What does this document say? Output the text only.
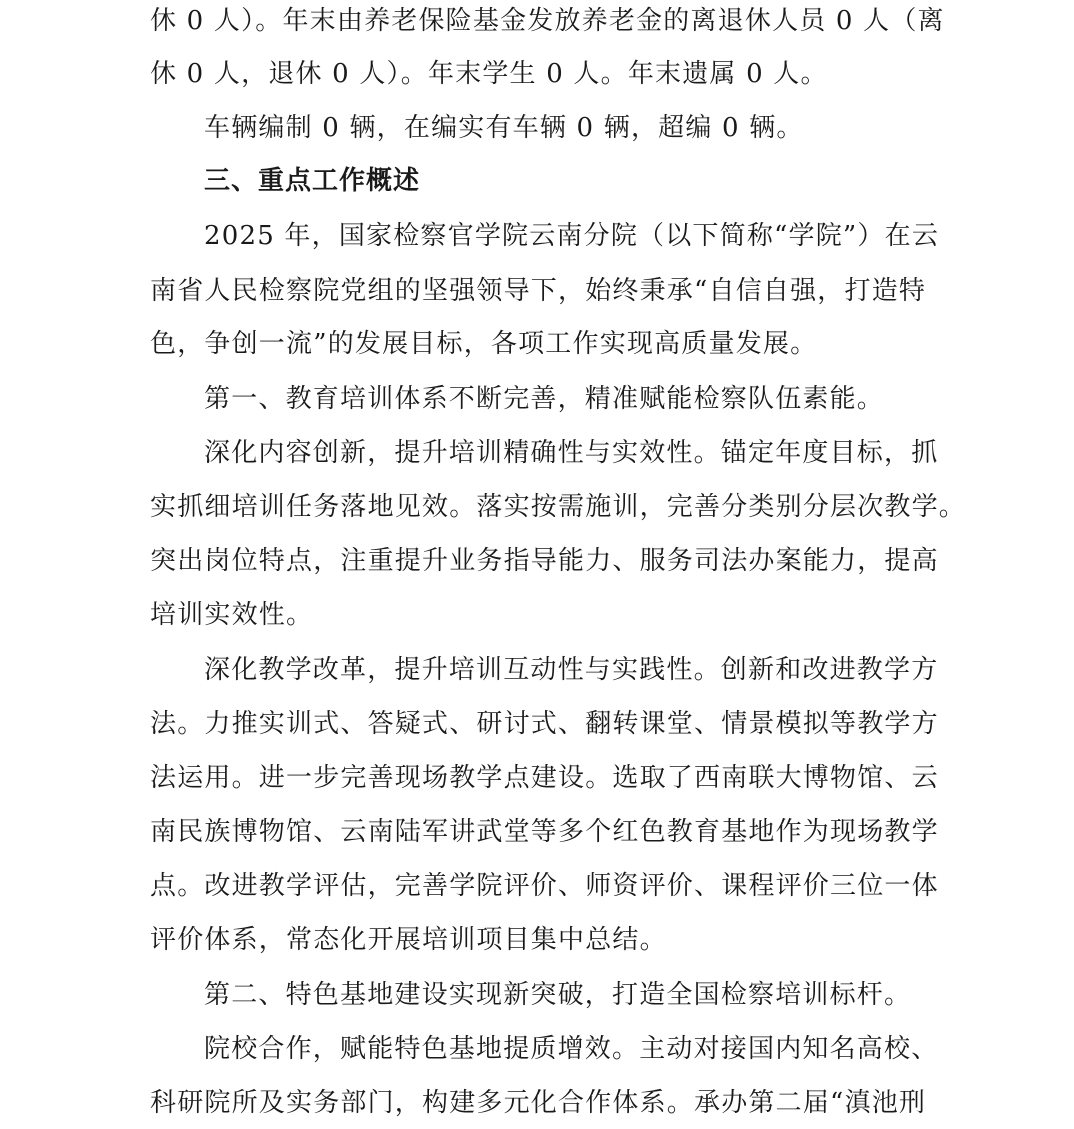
休 0 人）。年末由养老保险基金发放养老金的离退休人员 0 人（离
休 0 人，退休 0 人）。年末学生 0 人。年末遗属 0 人。
车辆编制 0 辆，在编实有车辆 0 辆，超编 0 辆。
三、重点工作概述
2025 年，国家检察官学院云南分院（以下简称“学院”）在云
南省人民检察院党组的坚强领导下，始终秉承“自信自强，打造特
色，争创一流”的发展目标，各项工作实现高质量发展。
第一、教育培训体系不断完善，精准赋能检察队伍素能。
深化内容创新，提升培训精确性与实效性。锚定年度目标，抓
实抓细培训任务落地见效。落实按需施训，完善分类别分层次教学。
突出岗位特点，注重提升业务指导能力、服务司法办案能力，提高
培训实效性。
深化教学改革，提升培训互动性与实践性。创新和改进教学方
法。力推实训式、答疑式、研讨式、翻转课堂、情景模拟等教学方
法运用。进一步完善现场教学点建设。选取了西南联大博物馆、云
南民族博物馆、云南陆军讲武堂等多个红色教育基地作为现场教学
点。改进教学评估，完善学院评价、师资评价、课程评价三位一体
评价体系，常态化开展培训项目集中总结。
第二、特色基地建设实现新突破，打造全国检察培训标杆。
院校合作，赋能特色基地提质增效。主动对接国内知名高校、
科研院所及实务部门，构建多元化合作体系。承办第二届“滇池刑
